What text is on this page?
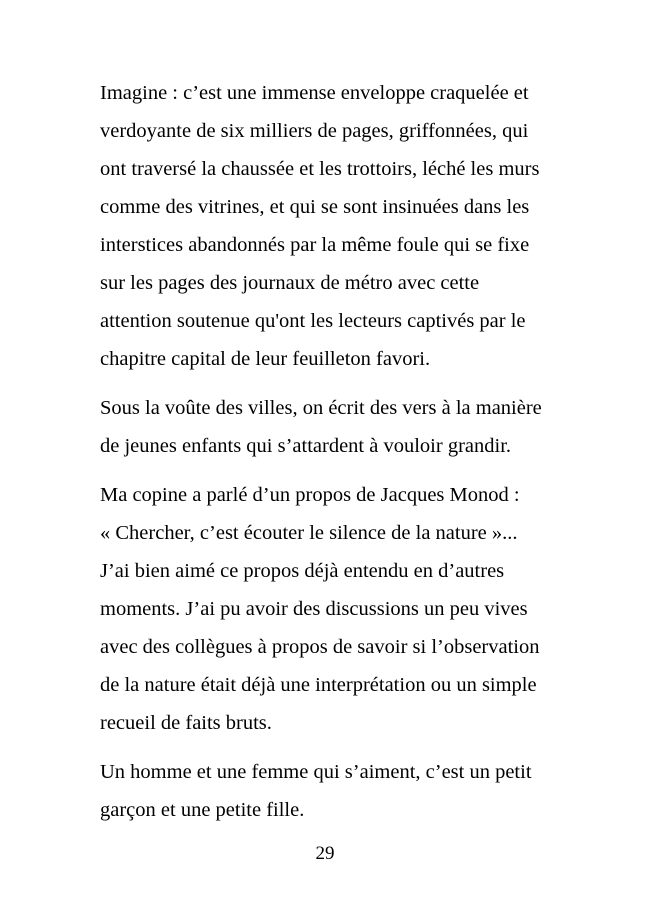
Imagine : c’est une immense enveloppe craquelée et
verdoyante de six milliers de pages, griffonnées, qui
ont traversé la chaussée et les trottoirs, léché les murs
comme des vitrines, et qui se sont insinuées dans les
interstices abandonnés par la même foule qui se fixe
sur les pages des journaux de métro avec cette
attention soutenue qu'ont les lecteurs captivés par le
chapitre capital de leur feuilleton favori.

Sous la voûte des villes, on écrit des vers à la manière
de jeunes enfants qui s’attardent à vouloir grandir.

Ma copine a parlé d’un propos de Jacques Monod :
« Chercher, c’est écouter le silence de la nature »...
J’ai bien aimé ce propos déjà entendu en d’autres
moments. J’ai pu avoir des discussions un peu vives
avec des collègues à propos de savoir si l’observation
de la nature était déjà une interprétation ou un simple
recueil de faits bruts.

Un homme et une femme qui s’aiment, c’est un petit
garçon et une petite fille.

29
